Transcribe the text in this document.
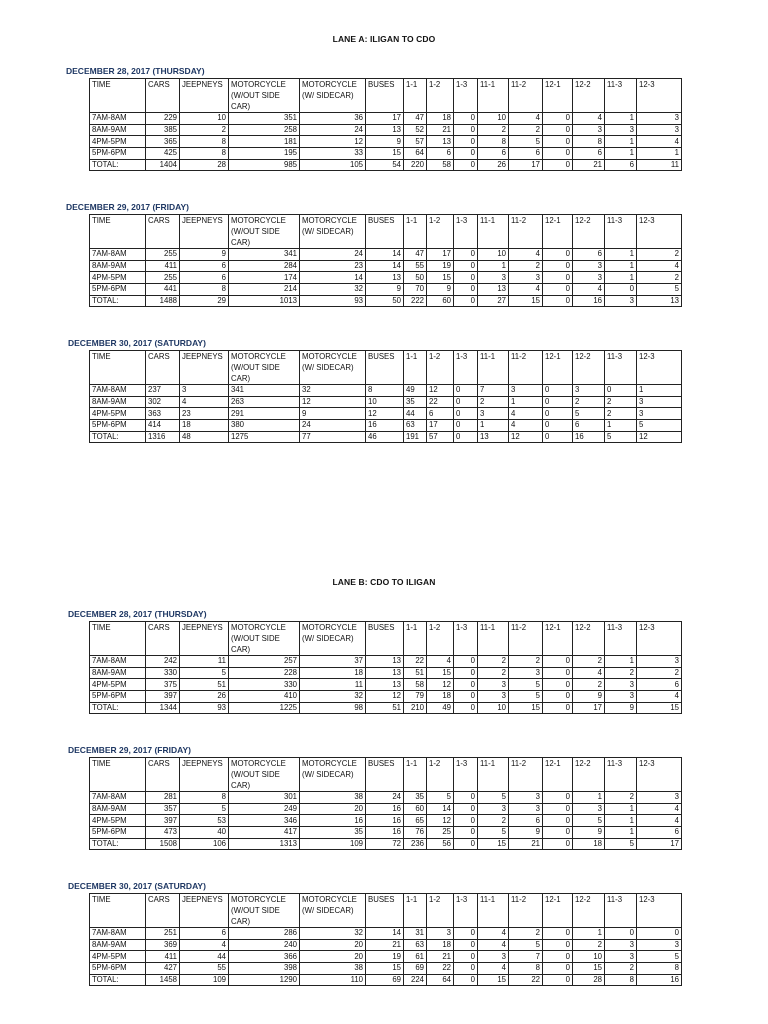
LANE A: ILIGAN TO CDO
DECEMBER 28, 2017 (THURSDAY)
TIME	CARS	JEEPNEYS	MOTORCYCLE (W/OUT SIDE CAR)	MOTORCYCLE (W/ SIDECAR)	BUSES	1-1	1-2	1-3	11-1	11-2	12-1	12-2	11-3	12-3
7AM-8AM	229	10	351	36	17	47	18	0	10	4	0	4	1	3
8AM-9AM	385	2	258	24	13	52	21	0	2	2	0	3	3	3
4PM-5PM	365	8	181	12	9	57	13	0	8	5	0	8	1	4
5PM-6PM	425	8	195	33	15	64	6	0	6	6	0	6	1	1
TOTAL:	1404	28	985	105	54	220	58	0	26	17	0	21	6	11
DECEMBER 29, 2017 (FRIDAY)
TIME	CARS	JEEPNEYS	MOTORCYCLE (W/OUT SIDE CAR)	MOTORCYCLE (W/ SIDECAR)	BUSES	1-1	1-2	1-3	11-1	11-2	12-1	12-2	11-3	12-3
7AM-8AM	255	9	341	24	14	47	17	0	10	4	0	6	1	2
8AM-9AM	411	6	284	23	14	55	19	0	1	2	0	3	1	4
4PM-5PM	255	6	174	14	13	50	15	0	3	3	0	3	1	2
5PM-6PM	441	8	214	32	9	70	9	0	13	4	0	4	0	5
TOTAL:	1488	29	1013	93	50	222	60	0	27	15	0	16	3	13
DECEMBER 30, 2017 (SATURDAY)
TIME	CARS	JEEPNEYS	MOTORCYCLE (W/OUT SIDE CAR)	MOTORCYCLE (W/ SIDECAR)	BUSES	1-1	1-2	1-3	11-1	11-2	12-1	12-2	11-3	12-3
7AM-8AM	237	3	341	32	8	49	12	0	7	3	0	3	0	1
8AM-9AM	302	4	263	12	10	35	22	0	2	1	0	2	2	3
4PM-5PM	363	23	291	9	12	44	6	0	3	4	0	5	2	3
5PM-6PM	414	18	380	24	16	63	17	0	1	4	0	6	1	5
TOTAL:	1316	48	1275	77	46	191	57	0	13	12	0	16	5	12
LANE B: CDO TO ILIGAN
DECEMBER 28, 2017 (THURSDAY)
TIME	CARS	JEEPNEYS	MOTORCYCLE (W/OUT SIDE CAR)	MOTORCYCLE (W/ SIDECAR)	BUSES	1-1	1-2	1-3	11-1	11-2	12-1	12-2	11-3	12-3
7AM-8AM	242	11	257	37	13	22	4	0	2	2	0	2	1	3
8AM-9AM	330	5	228	18	13	51	15	0	2	3	0	4	2	2
4PM-5PM	375	51	330	11	13	58	12	0	3	5	0	2	3	6
5PM-6PM	397	26	410	32	12	79	18	0	3	5	0	9	3	4
TOTAL:	1344	93	1225	98	51	210	49	0	10	15	0	17	9	15
DECEMBER 29, 2017 (FRIDAY)
TIME	CARS	JEEPNEYS	MOTORCYCLE (W/OUT SIDE CAR)	MOTORCYCLE (W/ SIDECAR)	BUSES	1-1	1-2	1-3	11-1	11-2	12-1	12-2	11-3	12-3
7AM-8AM	281	8	301	38	24	35	5	0	5	3	0	1	2	3
8AM-9AM	357	5	249	20	16	60	14	0	3	3	0	3	1	4
4PM-5PM	397	53	346	16	16	65	12	0	2	6	0	5	1	4
5PM-6PM	473	40	417	35	16	76	25	0	5	9	0	9	1	6
TOTAL:	1508	106	1313	109	72	236	56	0	15	21	0	18	5	17
DECEMBER 30, 2017 (SATURDAY)
TIME	CARS	JEEPNEYS	MOTORCYCLE (W/OUT SIDE CAR)	MOTORCYCLE (W/ SIDECAR)	BUSES	1-1	1-2	1-3	11-1	11-2	12-1	12-2	11-3	12-3
7AM-8AM	251	6	286	32	14	31	3	0	4	2	0	1	0	0
8AM-9AM	369	4	240	20	21	63	18	0	4	5	0	2	3	3
4PM-5PM	411	44	366	20	19	61	21	0	3	7	0	10	3	5
5PM-6PM	427	55	398	38	15	69	22	0	4	8	0	15	2	8
TOTAL:	1458	109	1290	110	69	224	64	0	15	22	0	28	8	16
